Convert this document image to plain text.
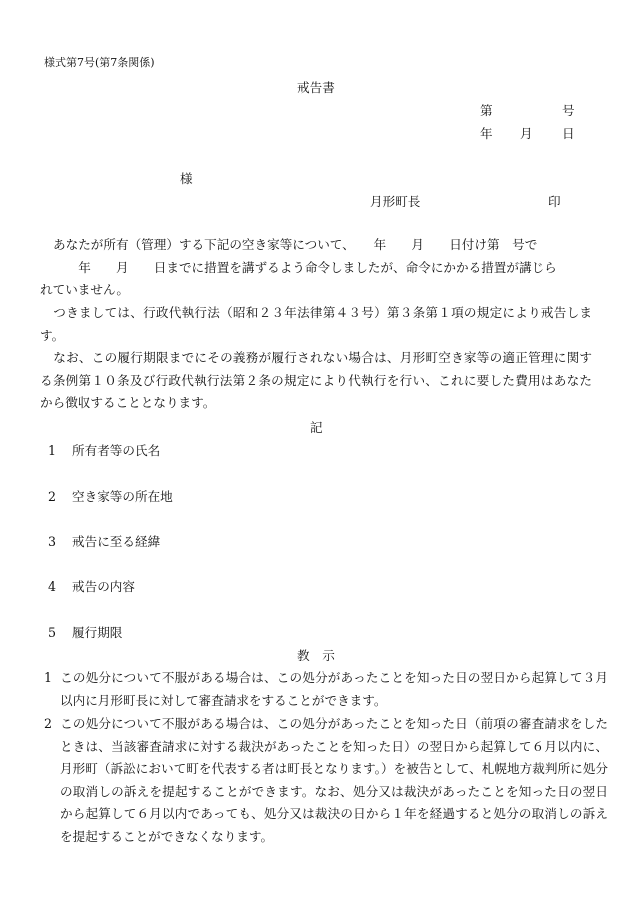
様式第7号(第7条関係)
戒告書
第	号
年 月 日
様
月形町長	印
あなたが所有（管理）する下記の空き家等について、　　年　　月　　日付け第　号で
　　年　　月　　日までに措置を講ずるよう命令しましたが、命令にかかる措置が講じら
れていません。
つきましては、行政代執行法（昭和２３年法律第４３号）第３条第１項の規定により戒告します。
なお、この履行期限までにその義務が履行されない場合は、月形町空き家等の適正管理に関する条例第１０条及び行政代執行法第２条の規定により代執行を行い、これに要した費用はあなたから徴収することとなります。
記
1 所有者等の氏名
2 空き家等の所在地
3 戒告に至る経緯
4 戒告の内容
5 履行期限
教　示
1 この処分について不服がある場合は、この処分があったことを知った日の翌日から起算して３月以内に月形町長に対して審査請求をすることができます。
2 この処分について不服がある場合は、この処分があったことを知った日（前項の審査請求をしたときは、当該審査請求に対する裁決があったことを知った日）の翌日から起算して６月以内に、月形町（訴訟において町を代表する者は町長となります。）を被告として、札幌地方裁判所に処分の取消しの訴えを提起することができます。なお、処分又は裁決があったことを知った日の翌日から起算して６月以内であっても、処分又は裁決の日から１年を経過すると処分の取消しの訴えを提起することができなくなります。
